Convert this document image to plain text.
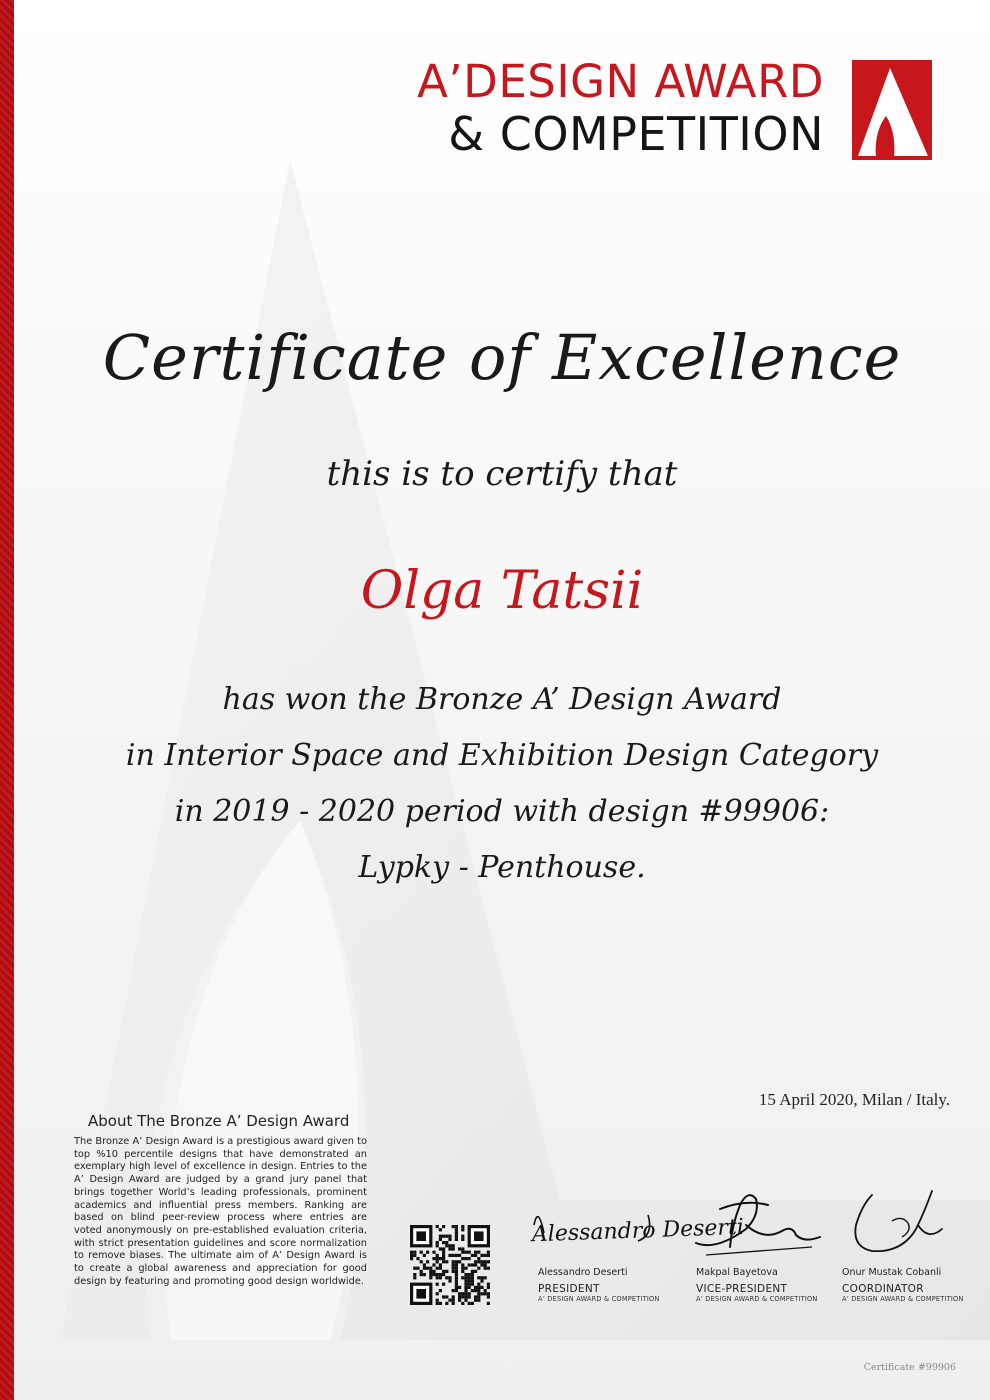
A’DESIGN AWARD
& COMPETITION
Certificate of Excellence
this is to certify that
Olga Tatsii
has won the Bronze A’ Design Award
in Interior Space and Exhibition Design Category
in 2019 - 2020 period with design #99906:
Lypky - Penthouse.
15 April 2020, Milan / Italy.
About The Bronze A’ Design Award
The Bronze A’ Design Award is a prestigious award given to top %10 percentile designs that have demonstrated an exemplary high level of excellence in design. Entries to the A’ Design Award are judged by a grand jury panel that brings together World’s leading professionals, prominent academics and influential press members. Ranking are based on blind peer-review process where entries are voted anonymously on pre-established evaluation criteria, with strict presentation guidelines and score normalization to remove biases. The ultimate aim of A’ Design Award is to create a global awareness and appreciation for good design by featuring and promoting good design worldwide.
Alessandro Deserti
Alessandro Deserti
PRESIDENT
A’ DESIGN AWARD & COMPETITION
Makpal Bayetova
VICE-PRESIDENT
A’ DESIGN AWARD & COMPETITION
Onur Mustak Cobanli
COORDINATOR
A’ DESIGN AWARD & COMPETITION
Certificate #99906
